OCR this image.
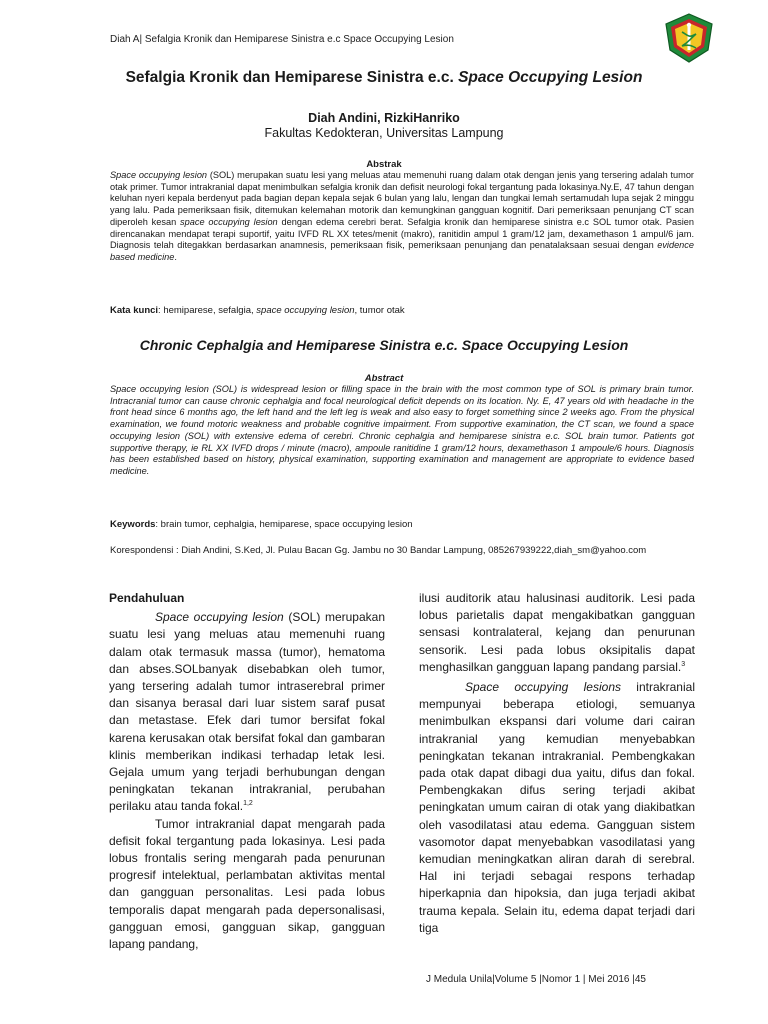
Diah A| Sefalgia Kronik dan Hemiparese Sinistra e.c Space Occupying Lesion
Sefalgia Kronik dan Hemiparese Sinistra e.c. Space Occupying Lesion
Diah Andini, RizkiHanriko
Fakultas Kedokteran, Universitas Lampung
Abstrak
Space occupying lesion (SOL) merupakan suatu lesi yang meluas atau memenuhi ruang dalam otak dengan jenis yang tersering adalah tumor otak primer. Tumor intrakranial dapat menimbulkan sefalgia kronik dan defisit neurologi fokal tergantung pada lokasinya.Ny.E, 47 tahun dengan keluhan nyeri kepala berdenyut pada bagian depan kepala sejak 6 bulan yang lalu, lengan dan tungkai lemah sertamudah lupa sejak 2 minggu yang lalu. Pada pemeriksaan fisik, ditemukan kelemahan motorik dan kemungkinan gangguan kognitif. Dari pemeriksaan penunjang CT scan diperoleh kesan space occupying lesion dengan edema cerebri berat. Sefalgia kronik dan hemiparese sinistra e.c SOL tumor otak. Pasien direncanakan mendapat terapi suportif, yaitu IVFD RL XX tetes/menit (makro), ranitidin ampul 1 gram/12 jam, dexamethason 1 ampul/6 jam. Diagnosis telah ditegakkan berdasarkan anamnesis, pemeriksaan fisik, pemeriksaan penunjang dan penatalaksaan sesuai dengan evidence based medicine.
Kata kunci: hemiparese, sefalgia, space occupying lesion, tumor otak
Chronic Cephalgia and Hemiparese Sinistra e.c. Space Occupying Lesion
Abstract
Space occupying lesion (SOL) is widespread lesion or filling space in the brain with the most common type of SOL is primary brain tumor. Intracranial tumor can cause chronic cephalgia and focal neurological deficit depends on its location. Ny. E, 47 years old with headache in the front head since 6 months ago, the left hand and the left leg is weak and also easy to forget something since 2 weeks ago. From the physical examination, we found motoric weakness and probable cognitive impairment. From supportive examination, the CT scan, we found a space occupying lesion (SOL) with extensive edema of cerebri. Chronic cephalgia and hemiparese sinistra e.c. SOL brain tumor. Patients got supportive therapy, ie RL XX IVFD drops / minute (macro), ampoule ranitidine 1 gram/12 hours, dexamethason 1 ampoule/6 hours. Diagnosis has been established based on history, physical examination, supporting examination and management are appropriate to evidence based medicine.
Keywords: brain tumor, cephalgia, hemiparese, space occupying lesion
Korespondensi : Diah Andini, S.Ked, Jl. Pulau Bacan Gg. Jambu no 30 Bandar Lampung, 085267939222,diah_sm@yahoo.com

Pendahuluan

Space occupying lesion (SOL) merupakan suatu lesi yang meluas atau memenuhi ruang dalam otak termasuk massa (tumor), hematoma dan abses.SOLbanyak disebabkan oleh tumor, yang tersering adalah tumor intraserebral primer dan sisanya berasal dari luar sistem saraf pusat dan metastase. Efek dari tumor bersifat fokal karena kerusakan otak bersifat fokal dan gambaran klinis memberikan indikasi terhadap letak lesi. Gejala umum yang terjadi berhubungan dengan peningkatan tekanan intrakranial, perubahan perilaku atau tanda fokal.$^{1,2}$

Tumor intrakranial dapat mengarah pada defisit fokal tergantung pada lokasinya. Lesi pada lobus frontalis sering mengarah pada penurunan progresif intelektual, perlambatan aktivitas mental dan gangguan personalitas. Lesi pada lobus temporalis dapat mengarah pada depersonalisasi, gangguan emosi, gangguan sikap, gangguan lapang pandang,

ilusi auditorik atau halusinasi auditorik. Lesi pada lobus parietalis dapat mengakibatkan gangguan sensasi kontralateral, kejang dan penurunan sensorik. Lesi pada lobus oksipitalis dapat menghasilkan gangguan lapang pandang parsial.$^3$

Space occupying lesions intrakranial mempunyai beberapa etiologi, semuanya menimbulkan ekspansi dari volume dari cairan intrakranial yang kemudian menyebabkan peningkatan tekanan intrakranial. Pembengkakan pada otak dapat dibagi dua yaitu, difus dan fokal. Pembengkakan difus sering terjadi akibat peningkatan umum cairan di otak yang diakibatkan oleh vasodilatasi atau edema. Gangguan sistem vasomotor dapat menyebabkan vasodilatasi yang kemudian meningkatkan aliran darah di serebral. Hal ini terjadi sebagai respons terhadap hiperkapnia dan hipoksia, dan juga terjadi akibat trauma kepala. Selain itu, edema dapat terjadi dari tiga

J Medula Unila|Volume 5 |Nomor 1 | Mei 2016 |45
